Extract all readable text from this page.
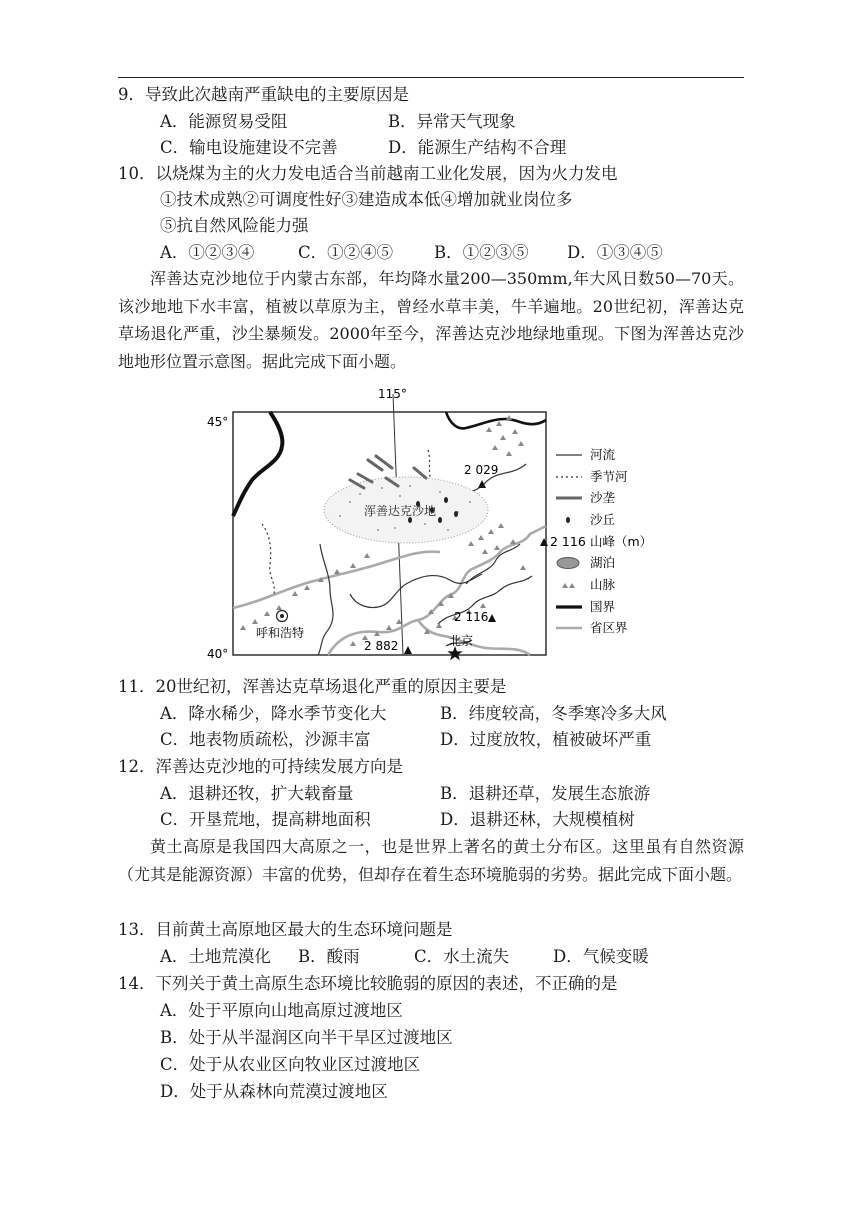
9．导致此次越南严重缺电的主要原因是
A．能源贸易受阻	B．异常天气现象
C．输电设施建设不完善	D．能源生产结构不合理
10．以烧煤为主的火力发电适合当前越南工业化发展，因为火力发电
①技术成熟②可调度性好③建造成本低④增加就业岗位多
⑤抗自然风险能力强
A．①②③④	C．①②④⑤ B．①②③⑤ D．①③④⑤
浑善达克沙地位于内蒙古东部，年均降水量200—350mm,年大风日数50—70天。该沙地地下水丰富，植被以草原为主，曾经水草丰美，牛羊遍地。20世纪初，浑善达克草场退化严重，沙尘暴频发。2000年至今，浑善达克沙地绿地重现。下图为浑善达克沙地地形位置示意图。据此完成下面小题。
115°
45°
40°
浑善达克沙地
2 029
2 116
2 882
呼和浩特
北京
河流
季节河
沙垄
沙丘
2 116 山峰（m）
湖泊
山脉
国界
省区界
11．20世纪初，浑善达克草场退化严重的原因主要是
A．降水稀少，降水季节变化大	B．纬度较高，冬季寒冷多大风
C．地表物质疏松，沙源丰富	D．过度放牧，植被破坏严重
12．浑善达克沙地的可持续发展方向是
A．退耕还牧，扩大载畜量	B．退耕还草，发展生态旅游
C．开垦荒地，提高耕地面积	D．退耕还林，大规模植树
黄土高原是我国四大高原之一，也是世界上著名的黄土分布区。这里虽有自然资源（尤其是能源资源）丰富的优势，但却存在着生态环境脆弱的劣势。据此完成下面小题。
13．目前黄土高原地区最大的生态环境问题是
A．土地荒漠化 B．酸雨	C．水土流失	D．气候变暖
14．下列关于黄土高原生态环境比较脆弱的原因的表述，不正确的是
A．处于平原向山地高原过渡地区
B．处于从半湿润区向半干旱区过渡地区
C．处于从农业区向牧业区过渡地区
D．处于从森林向荒漠过渡地区
